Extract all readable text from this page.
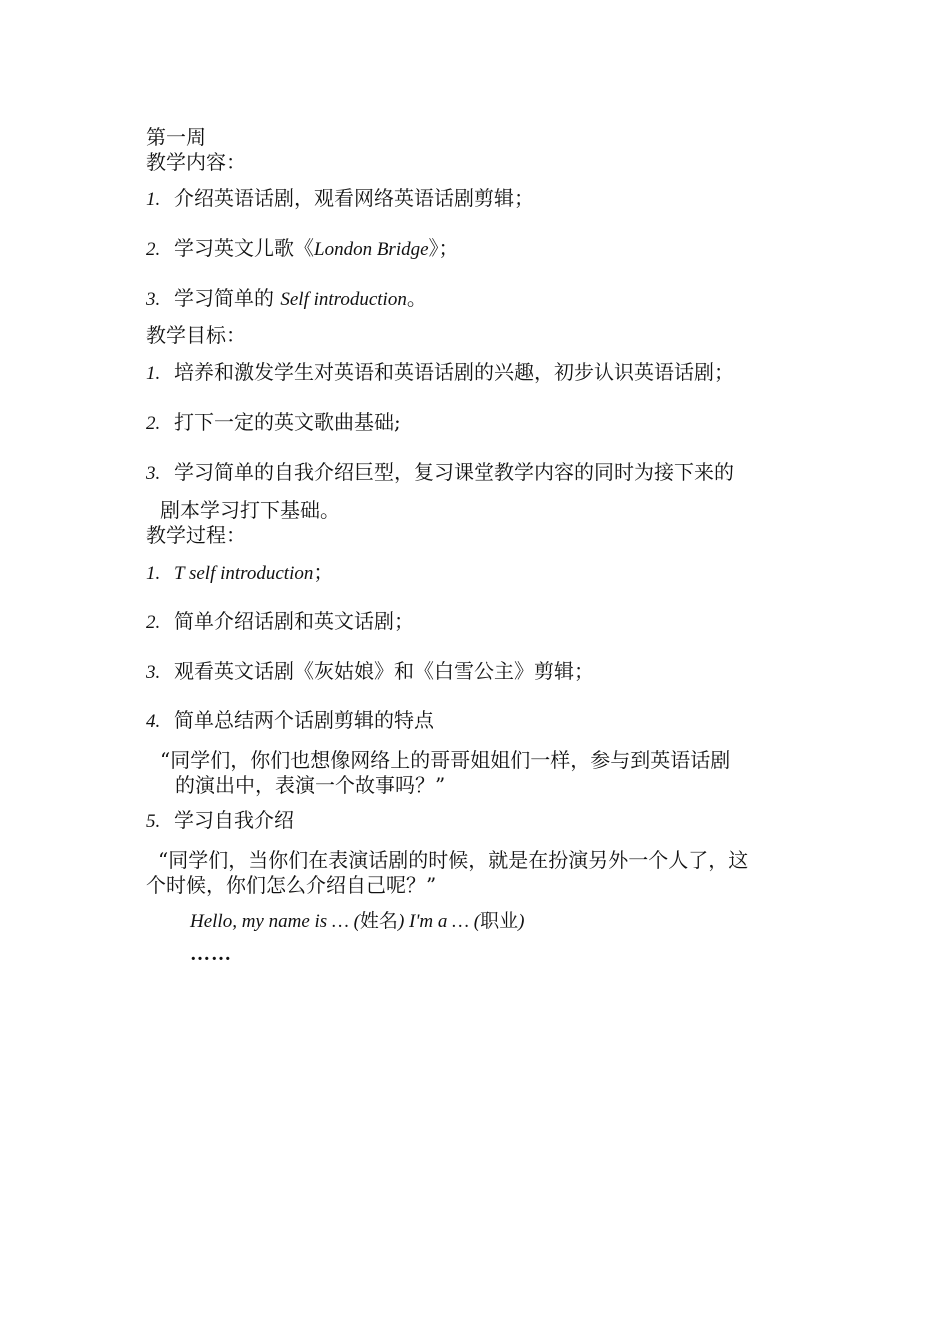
第一周
教学内容：
1. 介绍英语话剧，观看网络英语话剧剪辑；
2. 学习英文儿歌《London Bridge》；
3. 学习简单的 Self introduction。
教学目标：
1. 培养和激发学生对英语和英语话剧的兴趣，初步认识英语话剧；
2. 打下一定的英文歌曲基础;
3. 学习简单的自我介绍巨型，复习课堂教学内容的同时为接下来的
剧本学习打下基础。
教学过程：
1. T self introduction；
2. 简单介绍话剧和英文话剧；
3. 观看英文话剧《灰姑娘》和《白雪公主》剪辑；
4. 简单总结两个话剧剪辑的特点
“同学们，你们也想像网络上的哥哥姐姐们一样，参与到英语话剧
的演出中，表演一个故事吗？”
5. 学习自我介绍
“同学们，当你们在表演话剧的时候，就是在扮演另外一个人了，这
个时候，你们怎么介绍自己呢？”
Hello, my name is … (姓名) I'm a … (职业)
……
